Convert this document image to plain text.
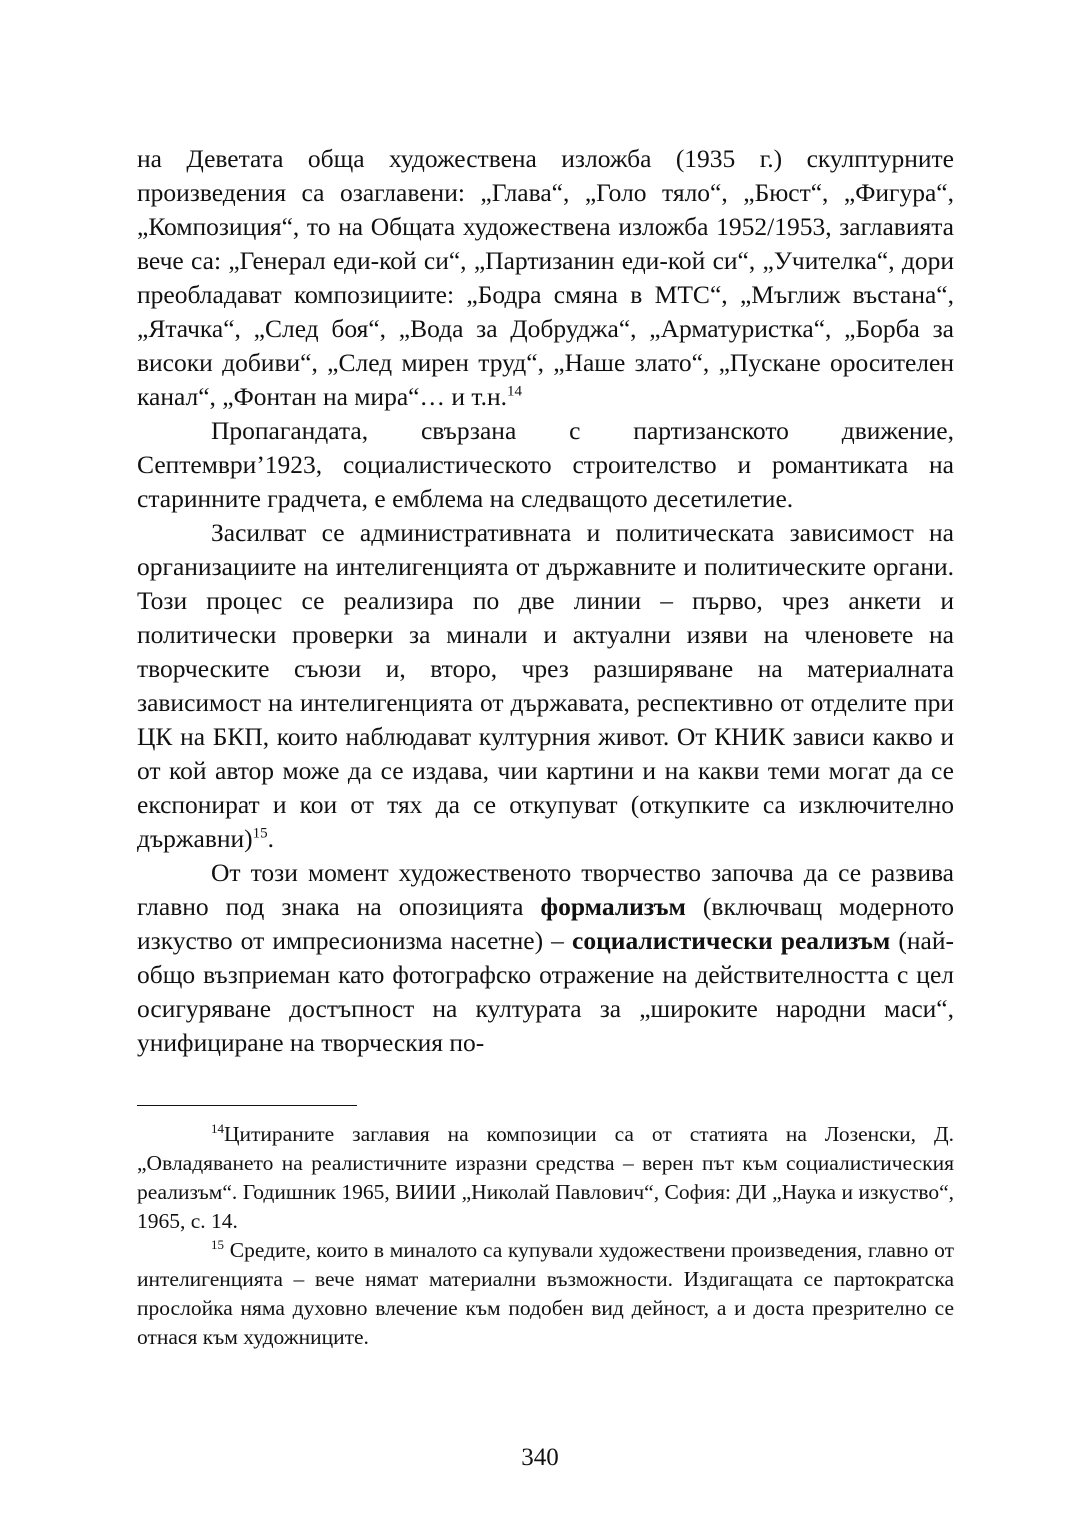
на Деветата обща художествена изложба (1935 г.) скулптурните произведения са озаглавени: „Глава“, „Голо тяло“, „Бюст“, „Фигура“, „Композиция“, то на Общата художествена изложба 1952/1953, заглавията вече са: „Генерал еди-кой си“, „Партизанин еди-кой си“, „Учителка“, дори преобладават композициите: „Бодра смяна в МТС“, „Мъглиж въстана“, „Ятачка“, „След боя“, „Вода за Добруджа“, „Арматуристка“, „Борба за високи добиви“, „След мирен труд“, „Наше злато“, „Пускане оросителен канал“, „Фонтан на мира“… и т.н.$^{14}$

Пропагандата, свързана с партизанското движение, Септември’1923, социалистическото строителство и романтиката на старинните градчета, е емблема на следващото десетилетие.

Засилват се административната и политическата зависимост на организациите на интелигенцията от държавните и политическите органи. Този процес се реализира по две линии – първо, чрез анкети и политически проверки за минали и актуални изяви на членовете на творческите съюзи и, второ, чрез разширяване на материалната зависимост на интелигенцията от държавата, респективно от отделите при ЦК на БКП, които наблюдават културния живот. От КНИК зависи какво и от кой автор може да се издава, чии картини и на какви теми могат да се експонират и кои от тях да се откупуват (откупките са изключително държавни)$^{15}$.

От този момент художественото творчество започва да се развива главно под знака на опозицията формализъм (включващ модерното изкуство от импресионизма насетне) – социалистически реализъм (най-общо възприеман като фотографско отражение на действителността с цел осигуряване достъпност на културата за „широките народни маси“, унифициране на творческия по-

$^{14}$Цитираните заглавия на композиции са от статията на Лозенски, Д. „Овладяването на реалистичните изразни средства – верен път към социалистическия реализъм“. Годишник 1965, ВИИИ „Николай Павлович“, София: ДИ „Наука и изкуство“, 1965, с. 14.

$^{15}$ Средите, които в миналото са купували художествени произведения, главно от интелигенцията – вече нямат материални възможности. Издигащата се партократска прослойка няма духовно влечение към подобен вид дейност, а и доста презрително се отнася към художниците.

340
